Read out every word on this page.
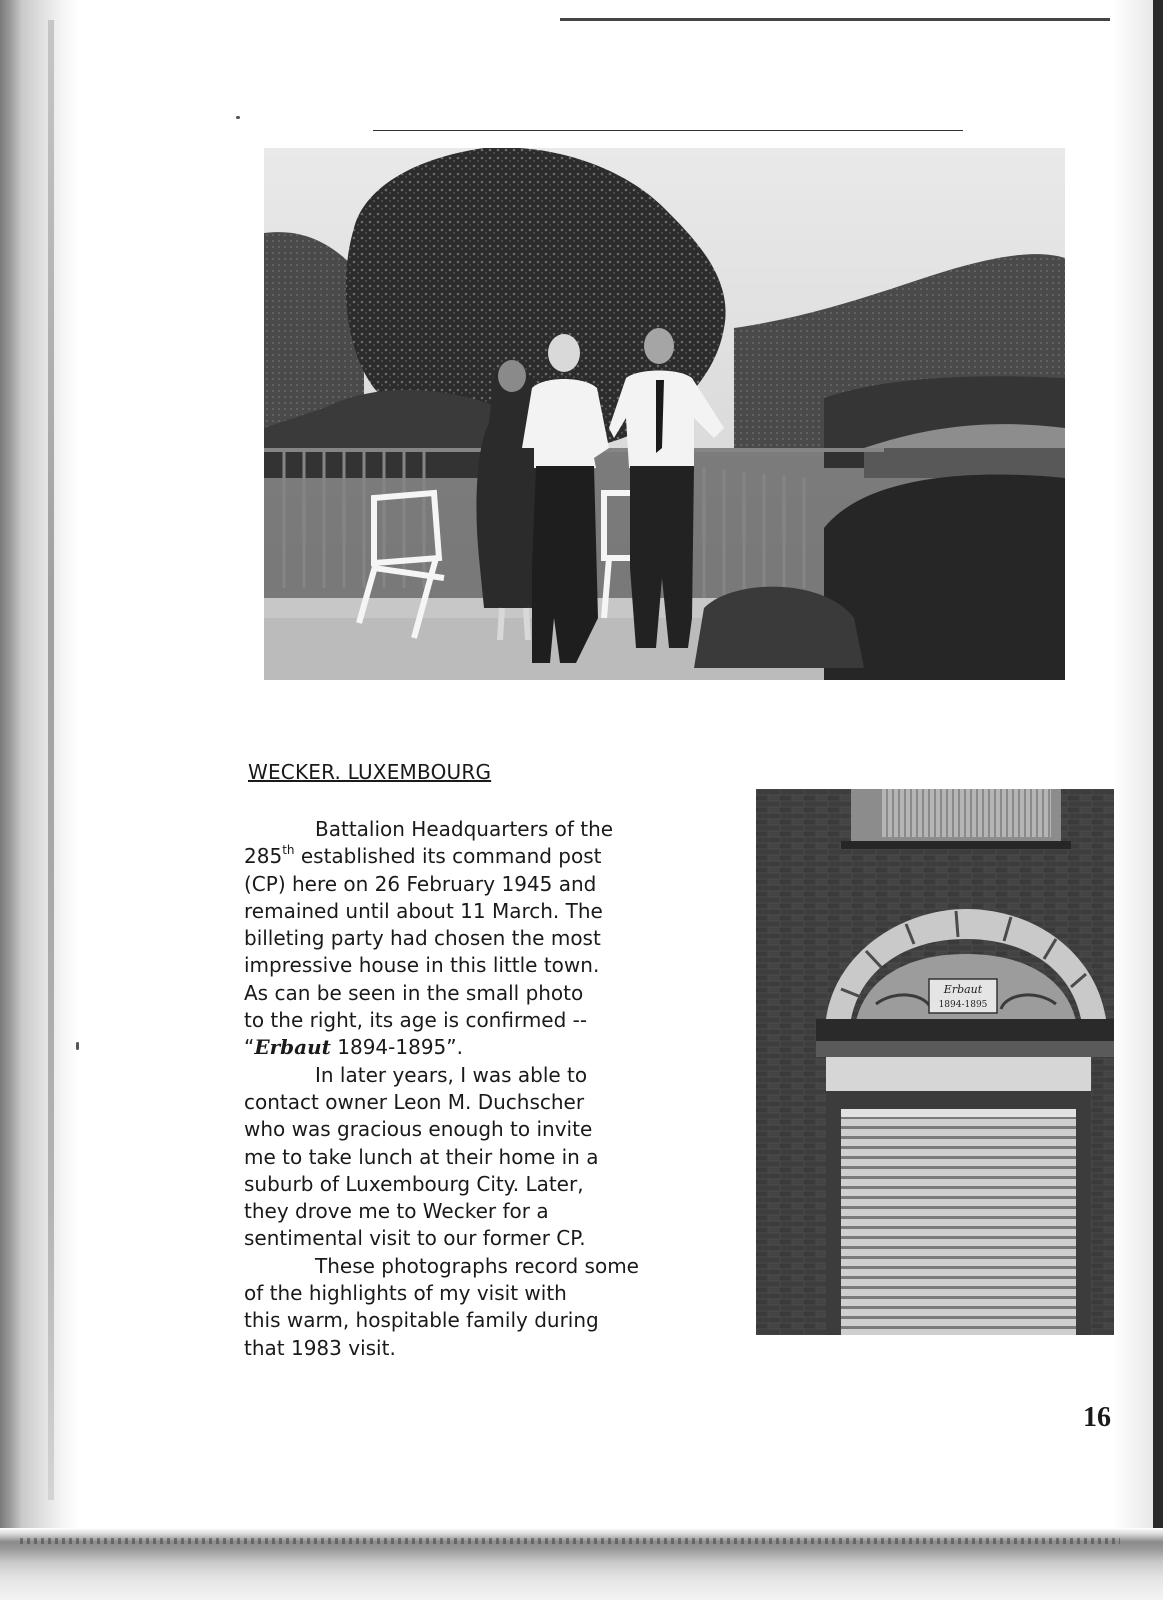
WECKER. LUXEMBOURG
Battalion Headquarters of the
285th established its command post
(CP) here on 26 February 1945 and
remained until about 11 March. The
billeting party had chosen the most
impressive house in this little town.
As can be seen in the small photo
to the right, its age is confirmed --
“Erbaut 1894-1895”.
In later years, I was able to
contact owner Leon M. Duchscher
who was gracious enough to invite
me to take lunch at their home in a
suburb of Luxembourg City. Later,
they drove me to Wecker for a
sentimental visit to our former CP.
These photographs record some
of the highlights of my visit with
this warm, hospitable family during
that 1983 visit.
Erbaut
1894-1895
16
